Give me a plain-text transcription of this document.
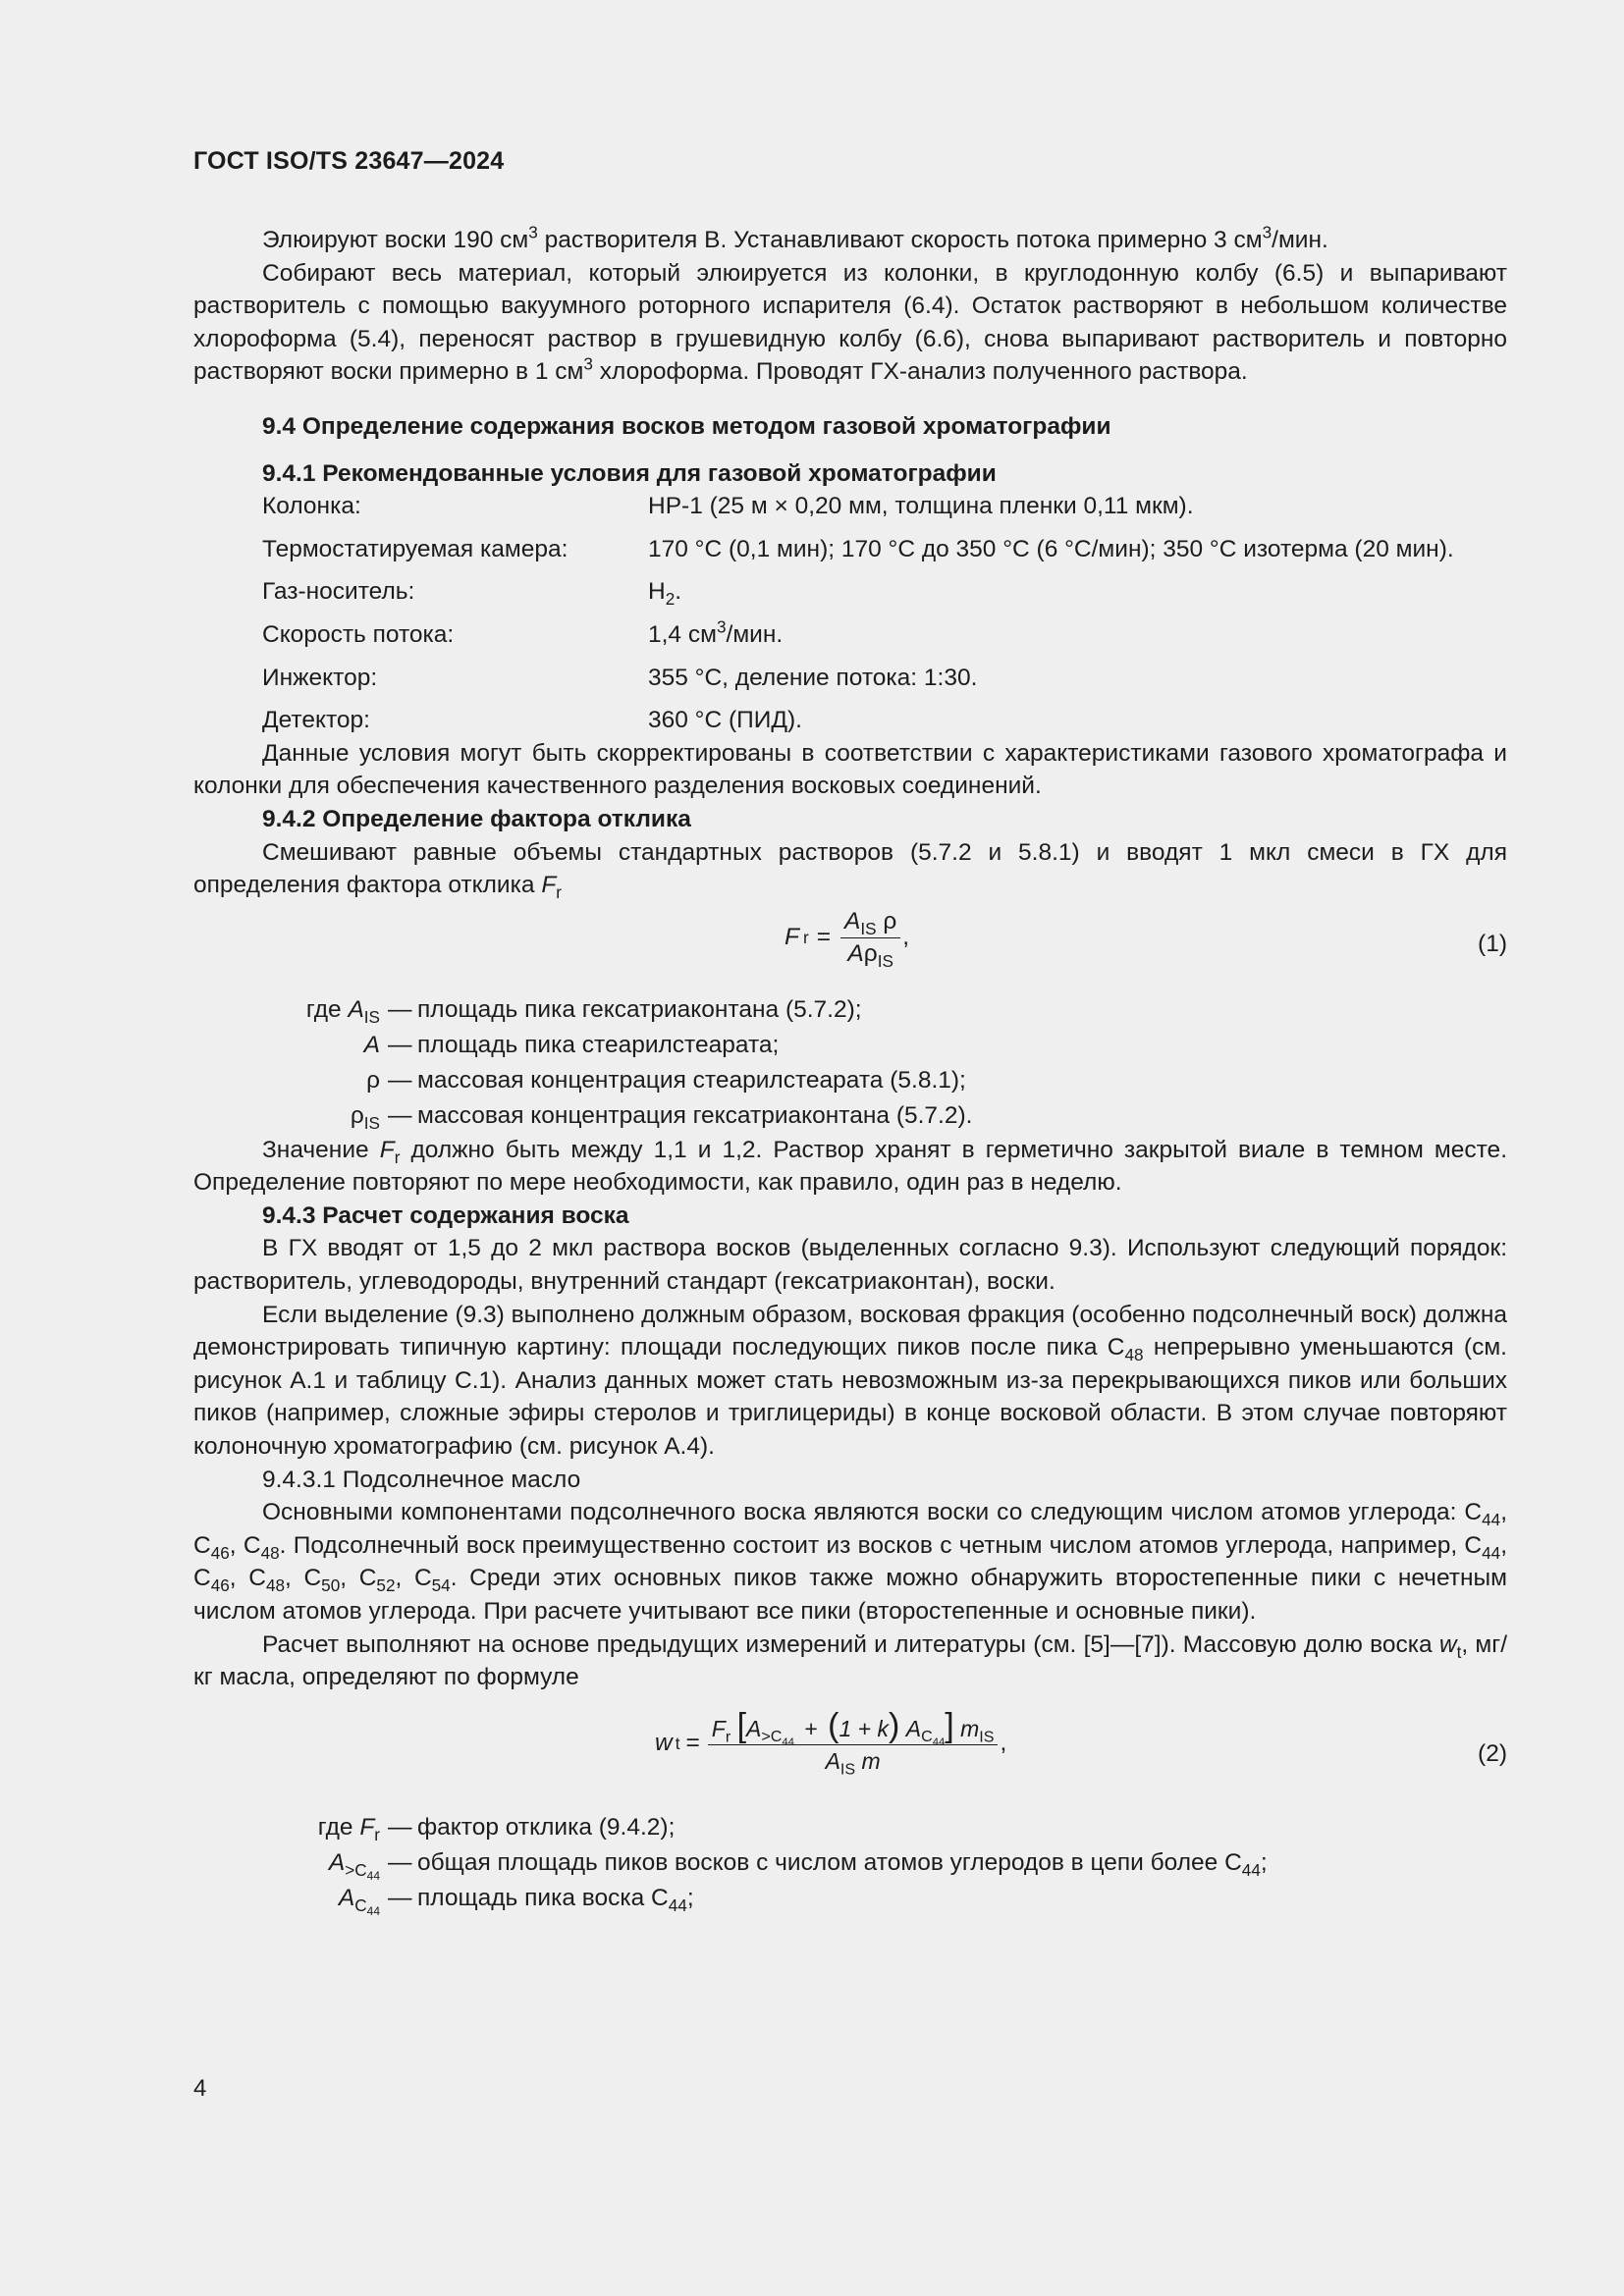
ГОСТ ISO/TS 23647—2024

Элюируют воски 190 $см^3$ растворителя B. Устанавливают скорость потока примерно 3 $см^3$/мин.

Собирают весь материал, который элюируется из колонки, в круглодонную колбу (6.5) и выпаривают растворитель с помощью вакуумного роторного испарителя (6.4). Остаток растворяют в небольшом количестве хлороформа (5.4), переносят раствор в грушевидную колбу (6.6), снова выпаривают растворитель и повторно растворяют воски примерно в 1 $см^3$ хлороформа. Проводят ГХ-анализ полученного раствора.

9.4 Определение содержания восков методом газовой хроматографии

9.4.1 Рекомендованные условия для газовой хроматографии

Колонка:	HP-1 (25 м × 0,20 мм, толщина пленки 0,11 мкм).
Термостатируемая камера:	170 °C (0,1 мин); 170 °C до 350 °C (6 °C/мин); 350 °C изотерма (20 мин).
Газ-носитель:	$H_2$.
Скорость потока:	1,4 $см^3$/мин.
Инжектор:	355 °C, деление потока: 1:30.
Детектор:	360 °C (ПИД).

Данные условия могут быть скорректированы в соответствии с характеристиками газового хроматографа и колонки для обеспечения качественного разделения восковых соединений.

9.4.2 Определение фактора отклика

Смешивают равные объемы стандартных растворов (5.7.2 и 5.8.1) и вводят 1 мкл смеси в ГХ для определения фактора отклика $F_r$

F $r = \frac{A_{IS} \rho}{A\rho_{IS}}$ ,	(1)
где $A_{IS}$ — площадь пика гексатриаконтана (5.7.2);
A — площадь пика стеарилстеарата;
ρ — массовая концентрация стеарилстеарата (5.8.1);
$\rho_{IS}$ — массовая концентрация гексатриаконтана (5.7.2).

Значение $F_r$ должно быть между 1,1 и 1,2. Раствор хранят в герметично закрытой виале в темном месте. Определение повторяют по мере необходимости, как правило, один раз в неделю.

9.4.3 Расчет содержания воска

В ГХ вводят от 1,5 до 2 мкл раствора восков (выделенных согласно 9.3). Используют следующий порядок: растворитель, углеводороды, внутренний стандарт (гексатриаконтан), воски.

Если выделение (9.3) выполнено должным образом, восковая фракция (особенно подсолнечный воск) должна демонстрировать типичную картину: площади последующих пиков после пика $C_{48}$ непрерывно уменьшаются (см. рисунок A.1 и таблицу C.1). Анализ данных может стать невозможным из-за перекрывающихся пиков или больших пиков (например, сложные эфиры стеролов и триглицериды) в конце восковой области. В этом случае повторяют колоночную хроматографию (см. рисунок A.4).

9.4.3.1 Подсолнечное масло

Основными компонентами подсолнечного воска являются воски со следующим числом атомов углерода: $C_{44}$, $C_{46}$, $C_{48}$. Подсолнечный воск преимущественно состоит из восков с четным числом атомов углерода, например, $C_{44}$, $C_{46}$, $C_{48}$, $C_{50}$, $C_{52}$, $C_{54}$. Среди этих основных пиков также можно обнаружить второстепенные пики с нечетным числом атомов углерода. При расчете учитывают все пики (второстепенные и основные пики).

Расчет выполняют на основе предыдущих измерений и литературы (см. [5]—[7]). Массовую долю воска $w_t$, мг/кг масла, определяют по формуле

w t =
$F_r$ [$A_{>C_{44}} + (1 + k)$ $A_{C_{44}}$] $m_{IS}$
$A_{IS}$ m
,	(2)
где $F_r$ — фактор отклика (9.4.2);
$A_{>C_{44}}$
— общая площадь пиков восков с числом атомов углеродов в цепи более $C_{44}$;
$A_{C_{44}}$
— площадь пика воска $C_{44}$;
4
